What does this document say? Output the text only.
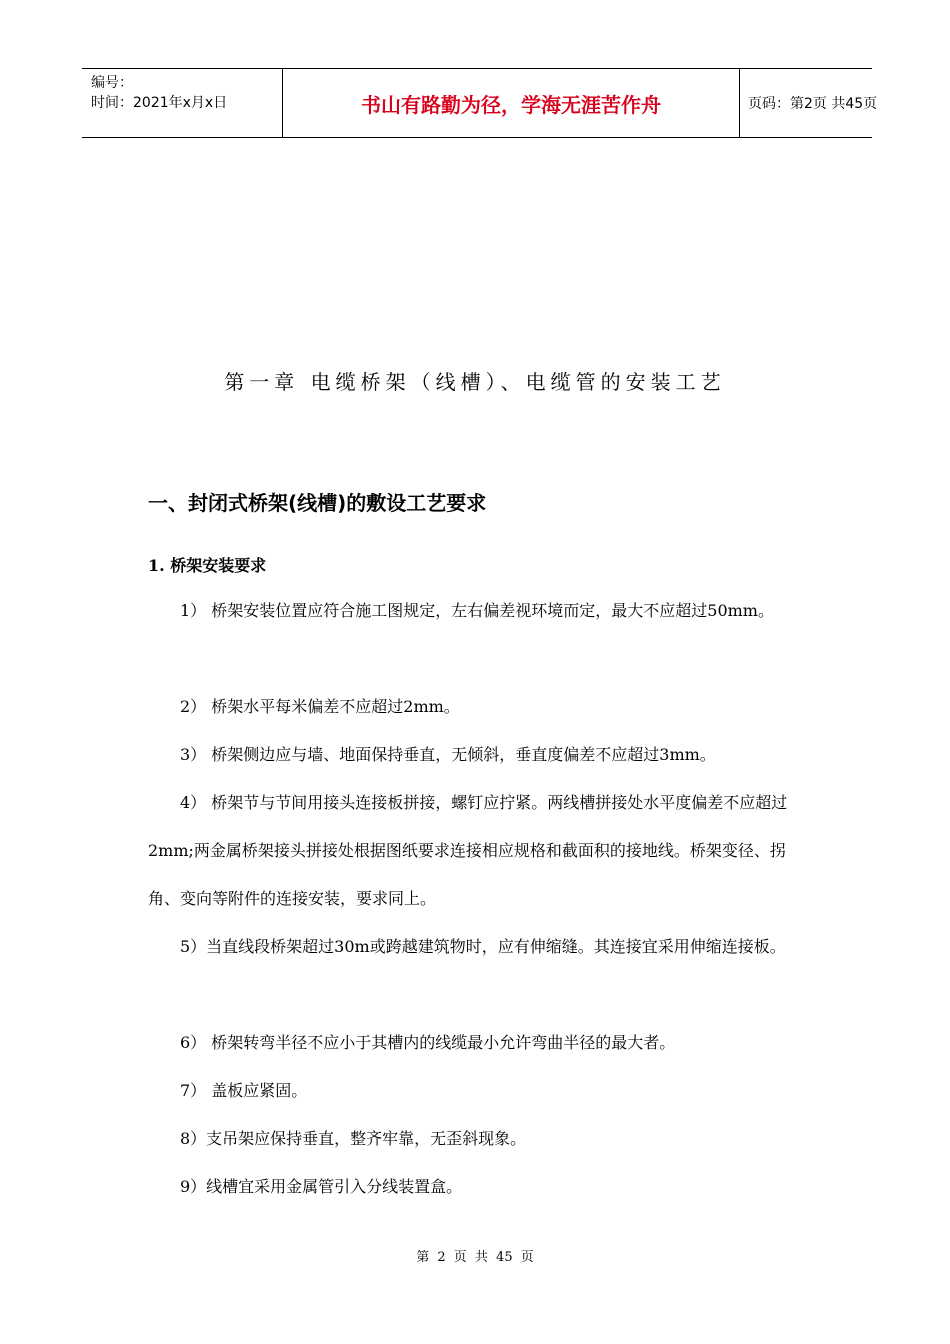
编号：
时间：2021年x月x日	书山有路勤为径，学海无涯苦作舟	页码：第2页 共45页
第一章 电缆桥架（线槽）、电缆管的安装工艺
一、封闭式桥架(线槽)的敷设工艺要求
1. 桥架安装要求

1） 桥架安装位置应符合施工图规定，左右偏差视环境而定，最大不应超过50mm。

2） 桥架水平每米偏差不应超过2mm。

3） 桥架侧边应与墙、地面保持垂直，无倾斜，垂直度偏差不应超过3mm。

4） 桥架节与节间用接头连接板拼接，螺钉应拧紧。两线槽拼接处水平度偏差不应超过2mm;两金属桥架接头拼接处根据图纸要求连接相应规格和截面积的接地线。桥架变径、拐角、变向等附件的连接安装，要求同上。

5）当直线段桥架超过30m或跨越建筑物时，应有伸缩缝。其连接宜采用伸缩连接板。

6） 桥架转弯半径不应小于其槽内的线缆最小允许弯曲半径的最大者。

7） 盖板应紧固。

8）支吊架应保持垂直，整齐牢靠，无歪斜现象。

9）线槽宜采用金属管引入分线装置盒。

第 2 页 共 45 页
